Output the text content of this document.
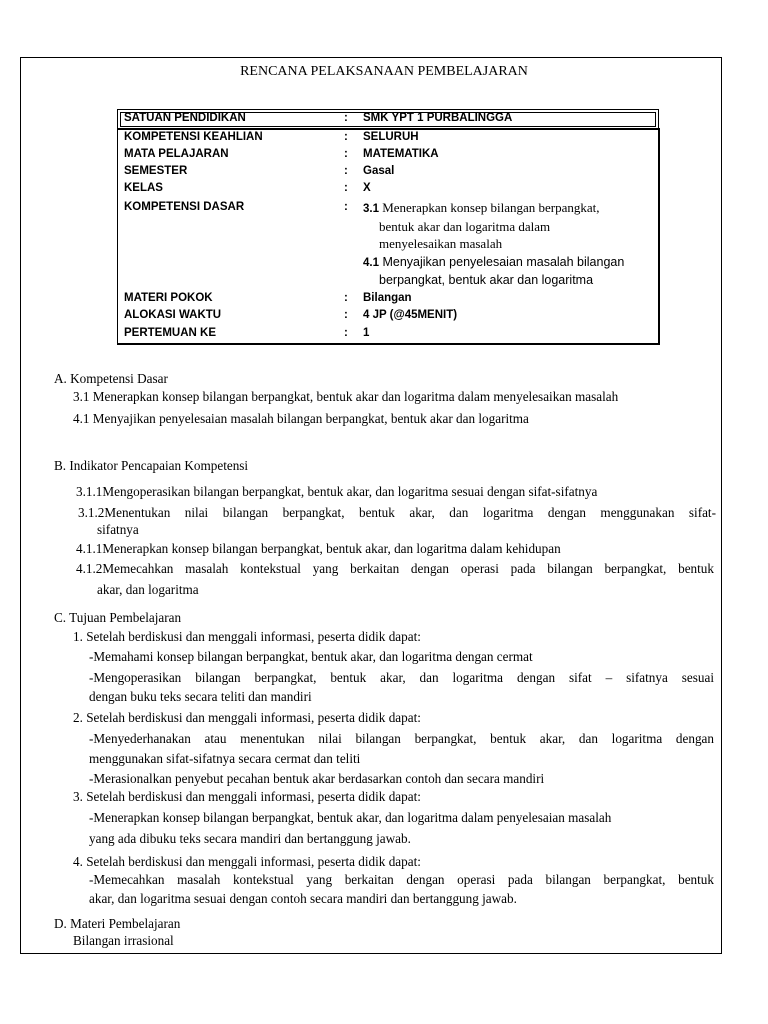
RENCANA PELAKSANAAN PEMBELAJARAN
SATUAN PENDIDIKAN	: SMK YPT 1 PURBALINGGA
KOMPETENSI KEAHLIAN	: SELURUH
MATA PELAJARAN	: MATEMATIKA
SEMESTER	: Gasal
KELAS	: X
KOMPETENSI DASAR	: 3.1 Menerapkan konsep bilangan berpangkat,
bentuk akar dan logaritma dalam
menyelesaikan masalah
4.1 Menyajikan penyelesaian masalah bilangan
berpangkat, bentuk akar dan logaritma
MATERI POKOK	: Bilangan
ALOKASI WAKTU	: 4 JP (@45MENIT)
PERTEMUAN KE	: 1
A. Kompetensi Dasar
3.1 Menerapkan konsep bilangan berpangkat, bentuk akar dan logaritma dalam menyelesaikan masalah
4.1 Menyajikan penyelesaian masalah bilangan berpangkat, bentuk akar dan logaritma
B. Indikator Pencapaian Kompetensi
3.1.1Mengoperasikan bilangan berpangkat, bentuk akar, dan logaritma sesuai dengan sifat-sifatnya
3.1.2Menentukan nilai bilangan berpangkat, bentuk akar, dan logaritma dengan menggunakan sifat-
sifatnya
4.1.1Menerapkan konsep bilangan berpangkat, bentuk akar, dan logaritma dalam kehidupan
4.1.2Memecahkan masalah kontekstual yang berkaitan dengan operasi pada bilangan berpangkat, bentuk
akar, dan logaritma
C. Tujuan Pembelajaran
1. Setelah berdiskusi dan menggali informasi, peserta didik dapat:
-Memahami konsep bilangan berpangkat, bentuk akar, dan logaritma dengan cermat
-Mengoperasikan bilangan berpangkat, bentuk akar, dan logaritma dengan sifat – sifatnya sesuai
dengan buku teks secara teliti dan mandiri
2. Setelah berdiskusi dan menggali informasi, peserta didik dapat:
-Menyederhanakan atau menentukan nilai bilangan berpangkat, bentuk akar, dan logaritma dengan
menggunakan sifat-sifatnya secara cermat dan teliti
-Merasionalkan penyebut pecahan bentuk akar berdasarkan contoh dan secara mandiri
3. Setelah berdiskusi dan menggali informasi, peserta didik dapat:
-Menerapkan konsep bilangan berpangkat, bentuk akar, dan logaritma dalam penyelesaian masalah
yang ada dibuku teks secara mandiri dan bertanggung jawab.
4. Setelah berdiskusi dan menggali informasi, peserta didik dapat:
-Memecahkan masalah kontekstual yang berkaitan dengan operasi pada bilangan berpangkat, bentuk
akar, dan logaritma sesuai dengan contoh secara mandiri dan bertanggung jawab.
D. Materi Pembelajaran
Bilangan irrasional
